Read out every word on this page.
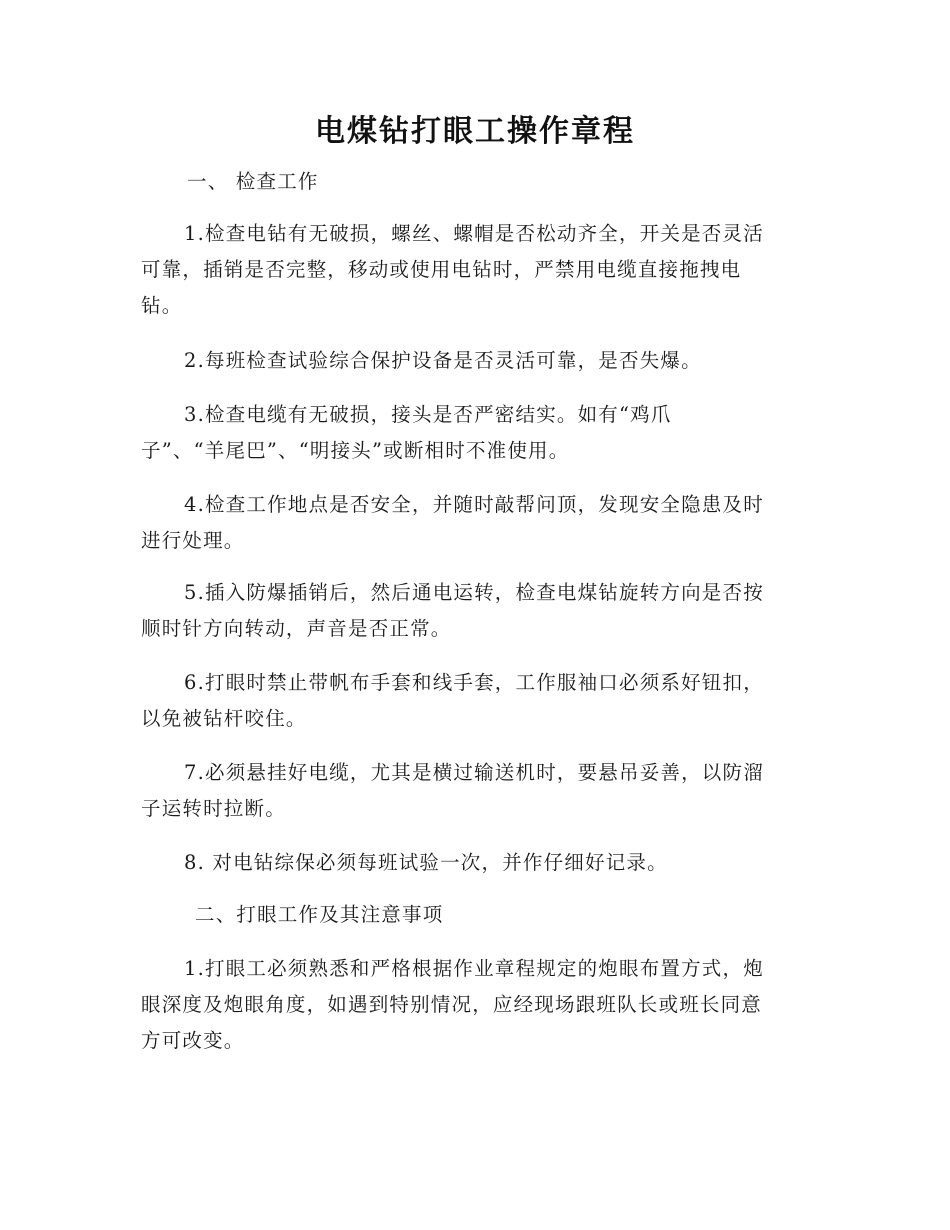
电煤钻打眼工操作章程
一、 检查工作
1.检查电钻有无破损，螺丝、螺帽是否松动齐全，开关是否灵活
可靠，插销是否完整，移动或使用电钻时，严禁用电缆直接拖拽电
钻。
2.每班检查试验综合保护设备是否灵活可靠，是否失爆。
3.检查电缆有无破损，接头是否严密结实。如有“鸡爪
子”、“羊尾巴”、“明接头”或断相时不准使用。
4.检查工作地点是否安全，并随时敲帮问顶，发现安全隐患及时
进行处理。
5.插入防爆插销后，然后通电运转，检查电煤钻旋转方向是否按
顺时针方向转动，声音是否正常。
6.打眼时禁止带帆布手套和线手套，工作服袖口必须系好钮扣，
以免被钻杆咬住。
7.必须悬挂好电缆，尤其是横过输送机时，要悬吊妥善，以防溜
子运转时拉断。
8. 对电钻综保必须每班试验一次，并作仔细好记录。
二、打眼工作及其注意事项
1.打眼工必须熟悉和严格根据作业章程规定的炮眼布置方式，炮
眼深度及炮眼角度，如遇到特别情况，应经现场跟班队长或班长同意
方可改变。
